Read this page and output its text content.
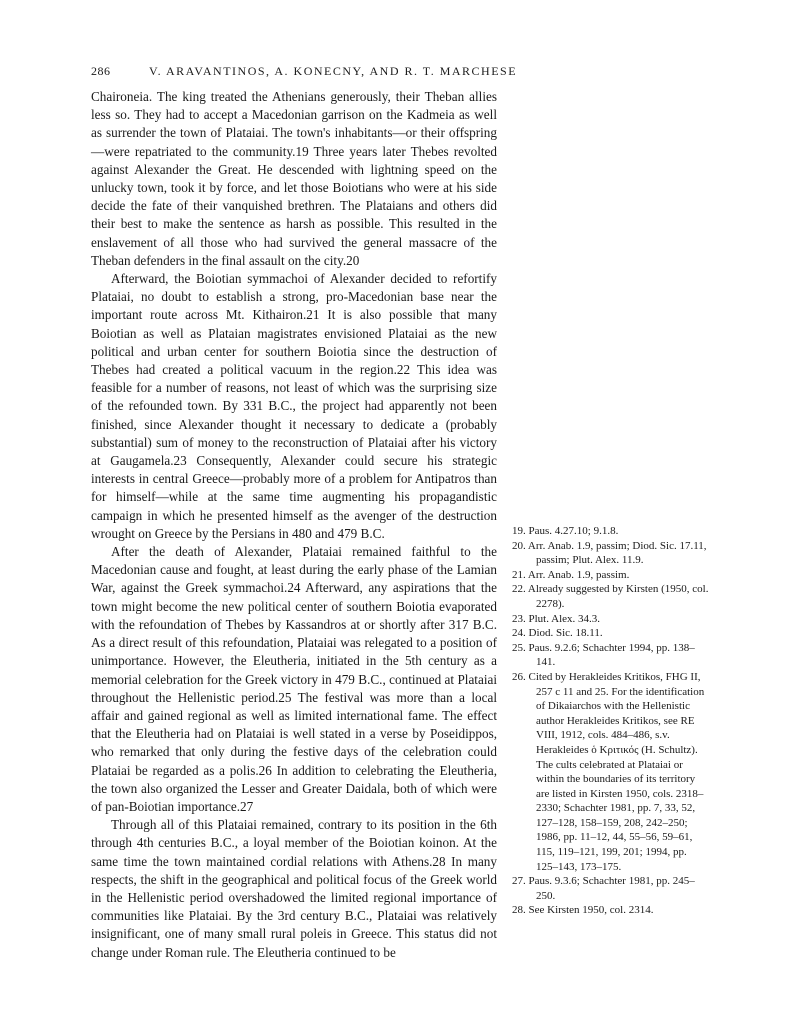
286	V. ARAVANTINOS, A. KONECNY, AND R. T. MARCHESE

Chaironeia. The king treated the Athenians generously, their Theban allies less so. They had to accept a Macedonian garrison on the Kadmeia as well as surrender the town of Plataiai. The town's inhabitants—or their offspring—were repatriated to the community.19 Three years later Thebes revolted against Alexander the Great. He descended with lightning speed on the unlucky town, took it by force, and let those Boiotians who were at his side decide the fate of their vanquished brethren. The Plataians and others did their best to make the sentence as harsh as possible. This resulted in the enslavement of all those who had survived the general massacre of the Theban defenders in the final assault on the city.20

Afterward, the Boiotian symmachoi of Alexander decided to refortify Plataiai, no doubt to establish a strong, pro-Macedonian base near the important route across Mt. Kithairon.21 It is also possible that many Boiotian as well as Plataian magistrates envisioned Plataiai as the new political and urban center for southern Boiotia since the destruction of Thebes had created a political vacuum in the region.22 This idea was feasible for a number of reasons, not least of which was the surprising size of the refounded town. By 331 B.C., the project had apparently not been finished, since Alexander thought it necessary to dedicate a (probably substantial) sum of money to the reconstruction of Plataiai after his victory at Gaugamela.23 Consequently, Alexander could secure his strategic interests in central Greece—probably more of a problem for Antipatros than for himself—while at the same time augmenting his propagandistic campaign in which he presented himself as the avenger of the destruction wrought on Greece by the Persians in 480 and 479 B.C.

After the death of Alexander, Plataiai remained faithful to the Macedonian cause and fought, at least during the early phase of the Lamian War, against the Greek symmachoi.24 Afterward, any aspirations that the town might become the new political center of southern Boiotia evaporated with the refoundation of Thebes by Kassandros at or shortly after 317 B.C. As a direct result of this refoundation, Plataiai was relegated to a position of unimportance. However, the Eleutheria, initiated in the 5th century as a memorial celebration for the Greek victory in 479 B.C., continued at Plataiai throughout the Hellenistic period.25 The festival was more than a local affair and gained regional as well as limited international fame. The effect that the Eleutheria had on Plataiai is well stated in a verse by Poseidippos, who remarked that only during the festive days of the celebration could Plataiai be regarded as a polis.26 In addition to celebrating the Eleutheria, the town also organized the Lesser and Greater Daidala, both of which were of pan-Boiotian importance.27

Through all of this Plataiai remained, contrary to its position in the 6th through 4th centuries B.C., a loyal member of the Boiotian koinon. At the same time the town maintained cordial relations with Athens.28 In many respects, the shift in the geographical and political focus of the Greek world in the Hellenistic period overshadowed the limited regional importance of communities like Plataiai. By the 3rd century B.C., Plataiai was relatively insignificant, one of many small rural poleis in Greece. This status did not change under Roman rule. The Eleutheria continued to be

19. Paus. 4.27.10; 9.1.8.

20. Arr. Anab. 1.9, passim; Diod. Sic. 17.11, passim; Plut. Alex. 11.9.

21. Arr. Anab. 1.9, passim.

22. Already suggested by Kirsten (1950, col. 2278).

23. Plut. Alex. 34.3.

24. Diod. Sic. 18.11.

25. Paus. 9.2.6; Schachter 1994, pp. 138–141.

26. Cited by Herakleides Kritikos, FHG II, 257 c 11 and 25. For the identification of Dikaiarchos with the Hellenistic author Herakleides Kritikos, see RE VIII, 1912, cols. 484–486, s.v. Herakleides ὁ Κριτικός (H. Schultz). The cults celebrated at Plataiai or within the boundaries of its territory are listed in Kirsten 1950, cols. 2318–2330; Schachter 1981, pp. 7, 33, 52, 127–128, 158–159, 208, 242–250; 1986, pp. 11–12, 44, 55–56, 59–61, 115, 119–121, 199, 201; 1994, pp. 125–143, 173–175.

27. Paus. 9.3.6; Schachter 1981, pp. 245–250.

28. See Kirsten 1950, col. 2314.
